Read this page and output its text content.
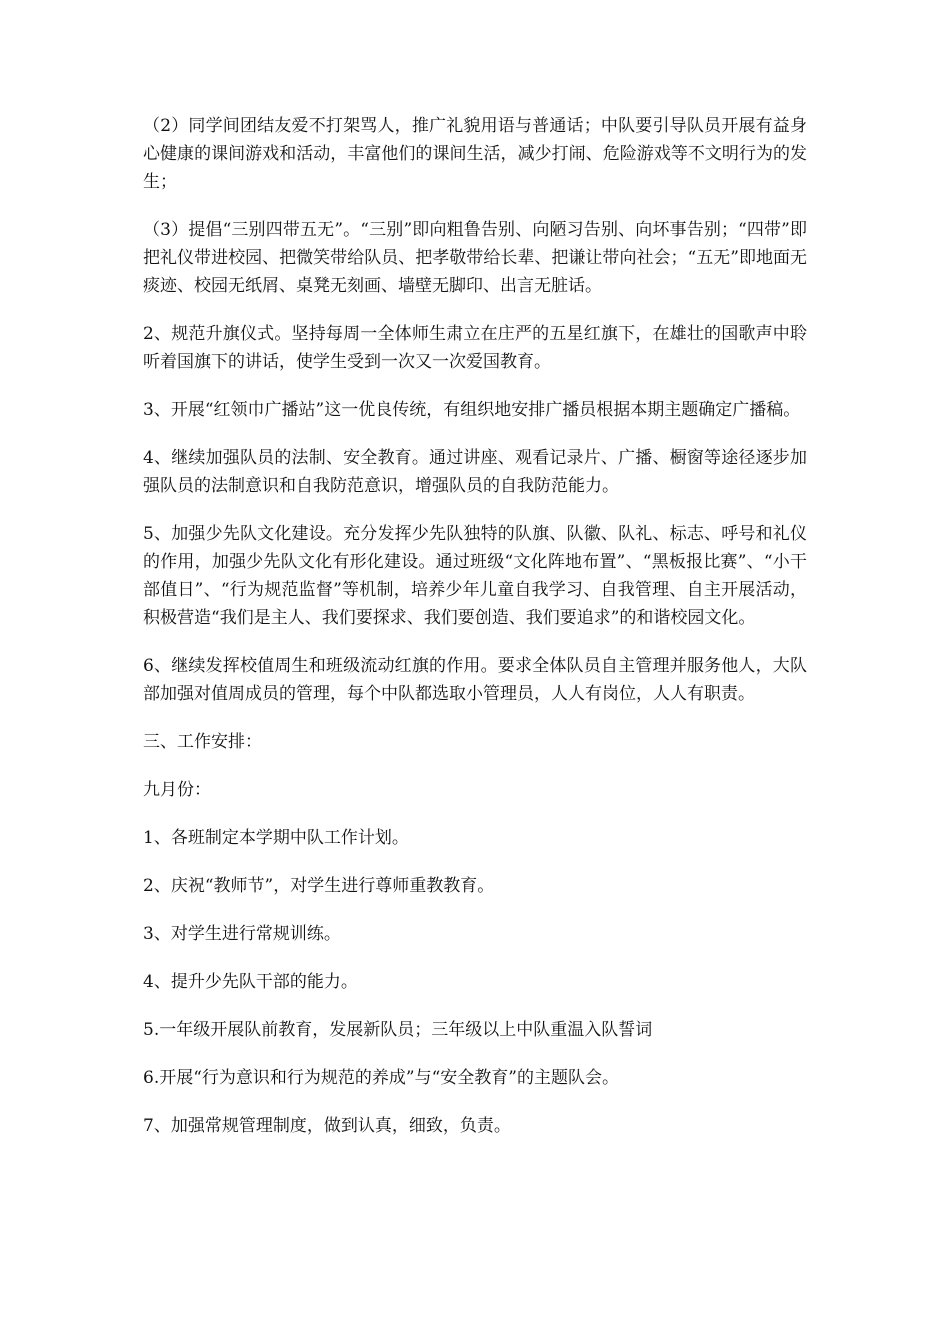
（2）同学间团结友爱不打架骂人，推广礼貌用语与普通话；中队要引导队员开展有益身心健康的课间游戏和活动，丰富他们的课间生活，减少打闹、危险游戏等不文明行为的发生；

（3）提倡“三别四带五无”。“三别”即向粗鲁告别、向陋习告别、向坏事告别；“四带”即把礼仪带进校园、把微笑带给队员、把孝敬带给长辈、把谦让带向社会；“五无”即地面无痰迹、校园无纸屑、桌凳无刻画、墙壁无脚印、出言无脏话。

2、规范升旗仪式。坚持每周一全体师生肃立在庄严的五星红旗下，在雄壮的国歌声中聆听着国旗下的讲话，使学生受到一次又一次爱国教育。

3、开展“红领巾广播站”这一优良传统，有组织地安排广播员根据本期主题确定广播稿。

4、继续加强队员的法制、安全教育。通过讲座、观看记录片、广播、橱窗等途径逐步加强队员的法制意识和自我防范意识，增强队员的自我防范能力。

5、加强少先队文化建设。充分发挥少先队独特的队旗、队徽、队礼、标志、呼号和礼仪的作用，加强少先队文化有形化建设。通过班级“文化阵地布置”、“黑板报比赛”、“小干部值日”、“行为规范监督”等机制，培养少年儿童自我学习、自我管理、自主开展活动，积极营造“我们是主人、我们要探求、我们要创造、我们要追求”的和谐校园文化。

6、继续发挥校值周生和班级流动红旗的作用。要求全体队员自主管理并服务他人，大队部加强对值周成员的管理，每个中队都选取小管理员，人人有岗位，人人有职责。

三、工作安排：

九月份：

1、各班制定本学期中队工作计划。

2、庆祝“教师节”，对学生进行尊师重教教育。

3、对学生进行常规训练。

4、提升少先队干部的能力。

5.一年级开展队前教育，发展新队员；三年级以上中队重温入队誓词

6.开展“行为意识和行为规范的养成”与“安全教育”的主题队会。

7、加强常规管理制度，做到认真，细致，负责。
